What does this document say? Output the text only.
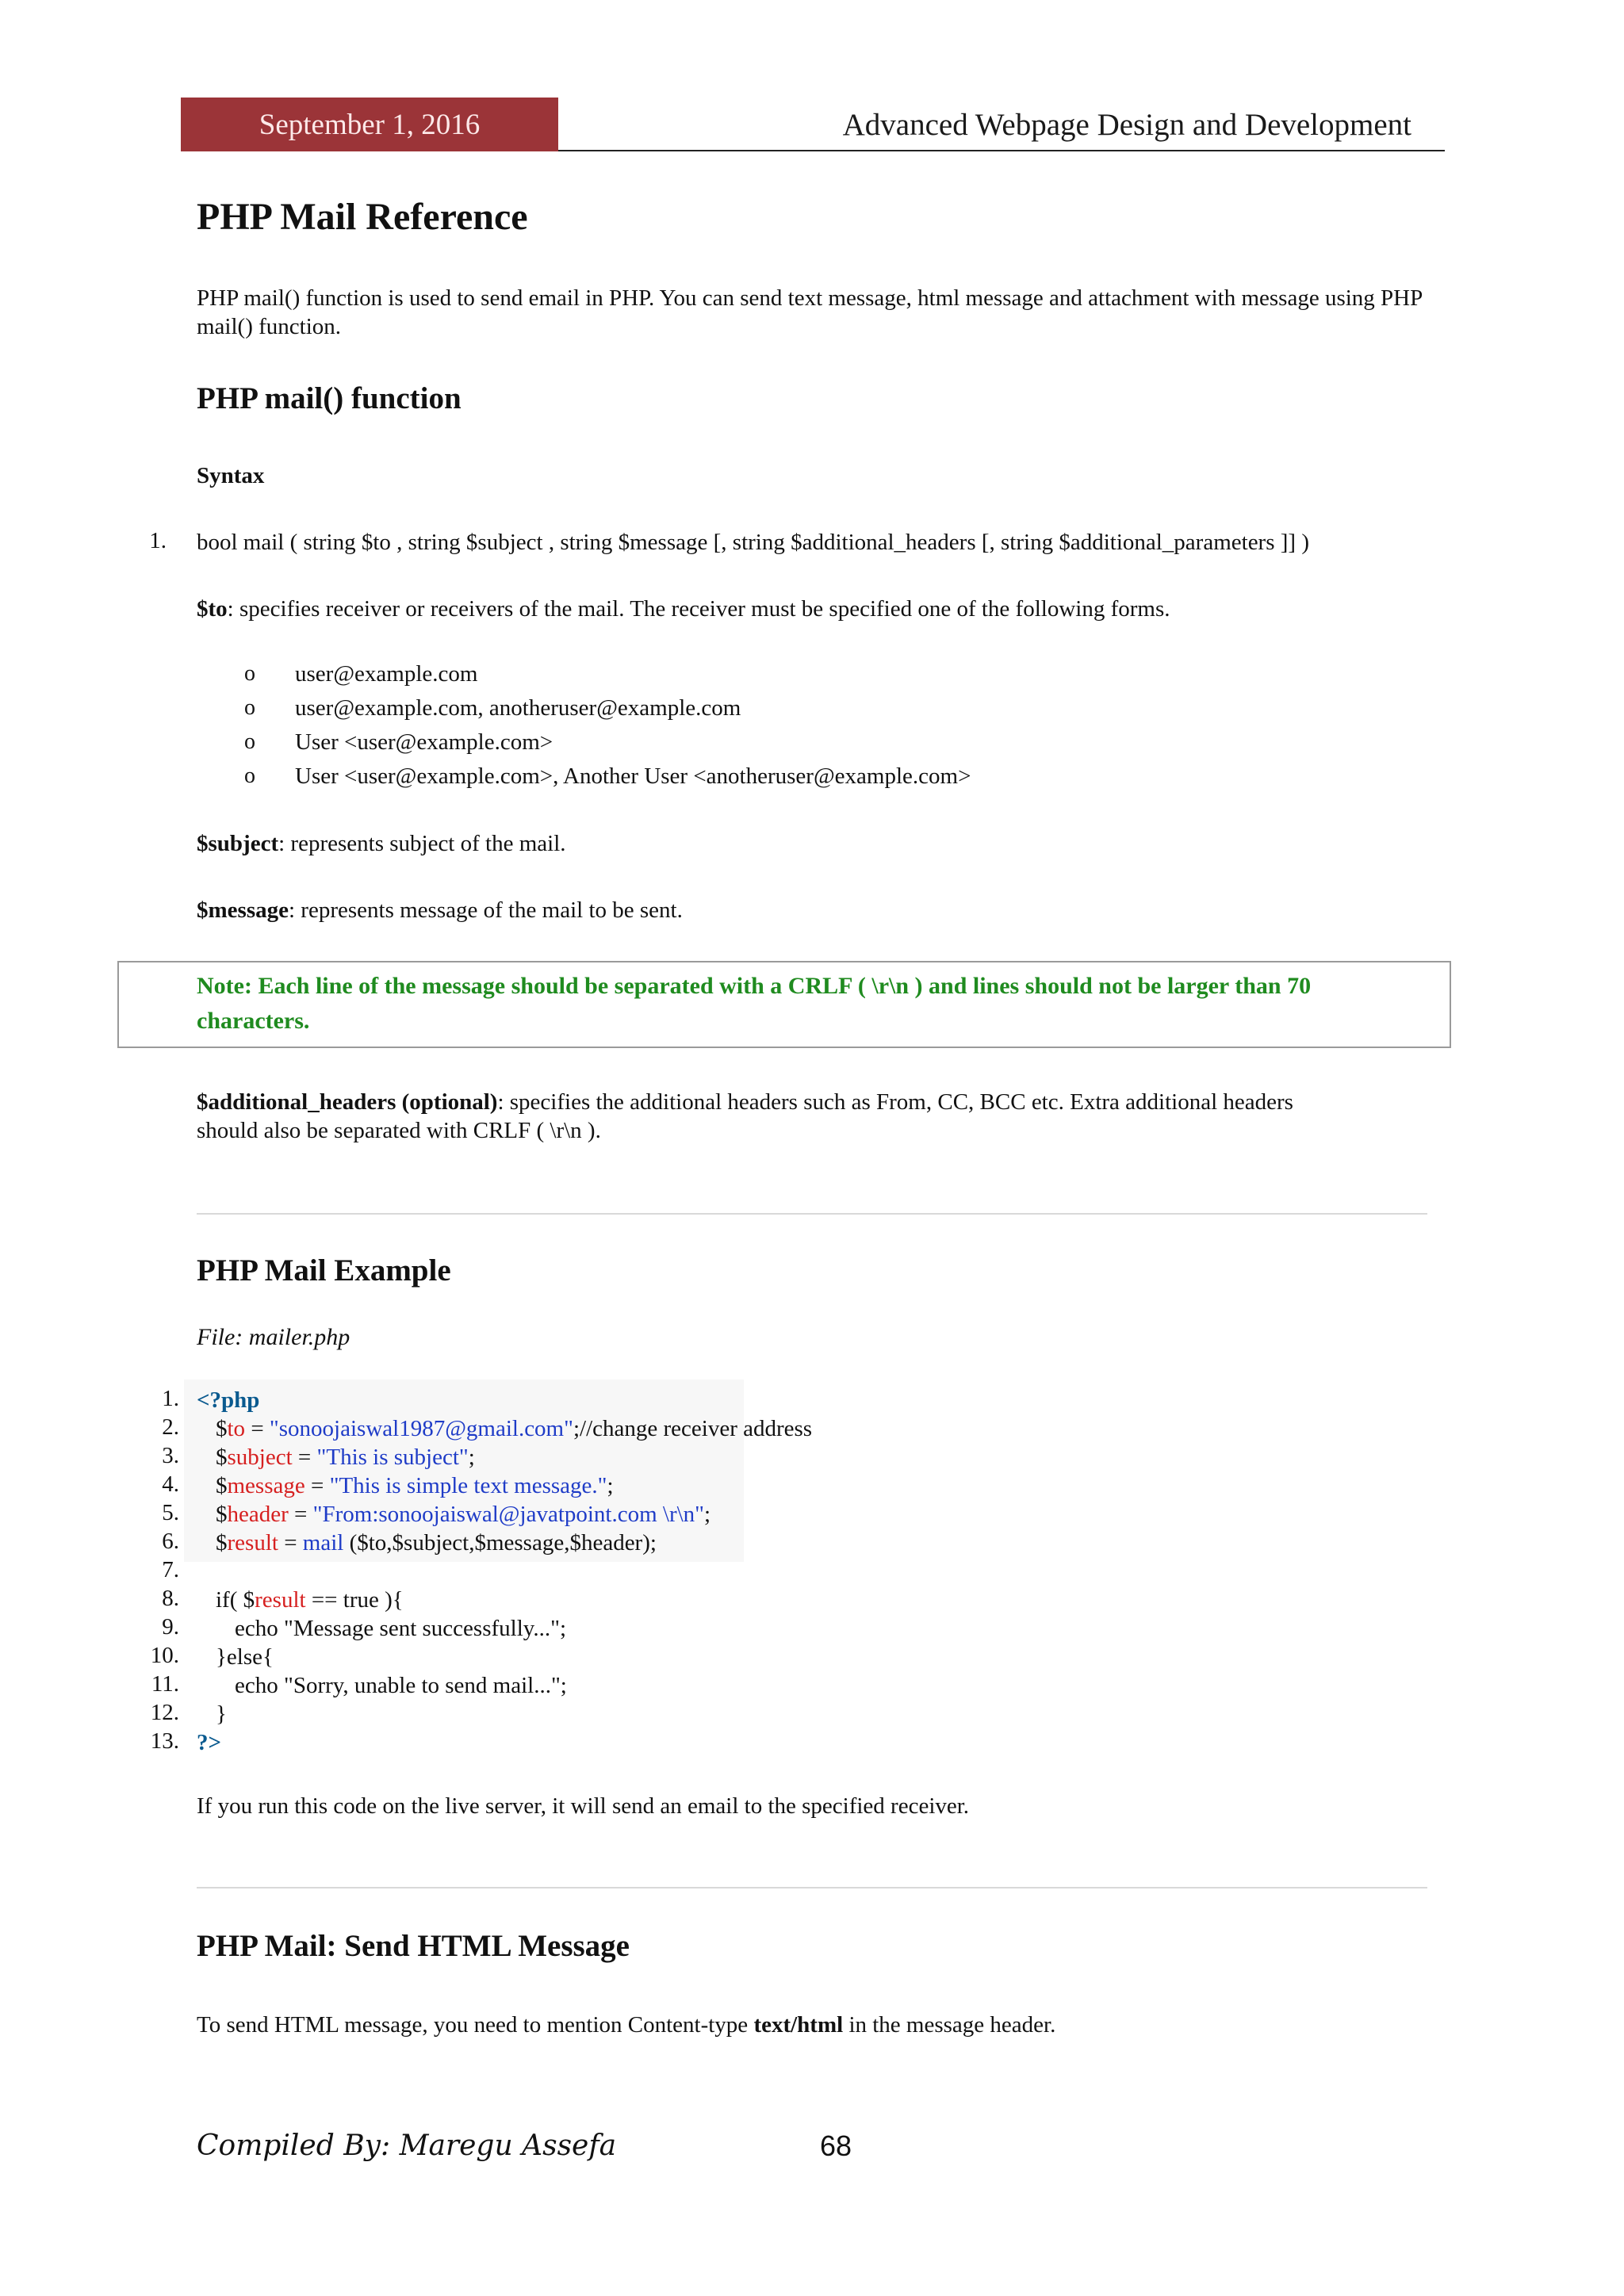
September 1, 2016	Advanced Webpage Design and Development
PHP Mail Reference
PHP mail() function is used to send email in PHP. You can send text message, html message and attachment with message using PHP mail() function.
PHP mail() function
Syntax
1. bool mail ( string $to , string $subject , string $message [, string $additional_headers [, string $additional_parameters ]] )
$to: specifies receiver or receivers of the mail. The receiver must be specified one of the following forms.
o user@example.com
o user@example.com, anotheruser@example.com
o User <user@example.com>
o User <user@example.com>, Another User <anotheruser@example.com>
$subject: represents subject of the mail.
$message: represents message of the mail to be sent.
Note: Each line of the message should be separated with a CRLF ( \r\n ) and lines should not be larger than 70
characters.
$additional_headers (optional): specifies the additional headers such as From, CC, BCC etc. Extra additional headers
should also be separated with CRLF ( \r\n ).
PHP Mail Example
File: mailer.php
1.
2.
3.
4.
5.
6.
7.
8.
9.
10.
11.
12.
13.
<?php
$to = "sonoojaiswal1987@gmail.com";//change receiver address
$subject = "This is subject";
$message = "This is simple text message.";
$header = "From:sonoojaiswal@javatpoint.com \r\n";
$result = mail ($to,$subject,$message,$header);
if( $result == true ){
echo "Message sent successfully...";
}else{
echo "Sorry, unable to send mail...";
}
?>
If you run this code on the live server, it will send an email to the specified receiver.
PHP Mail: Send HTML Message
To send HTML message, you need to mention Content-type text/html in the message header.
Compiled By: Maregu Assefa	68
